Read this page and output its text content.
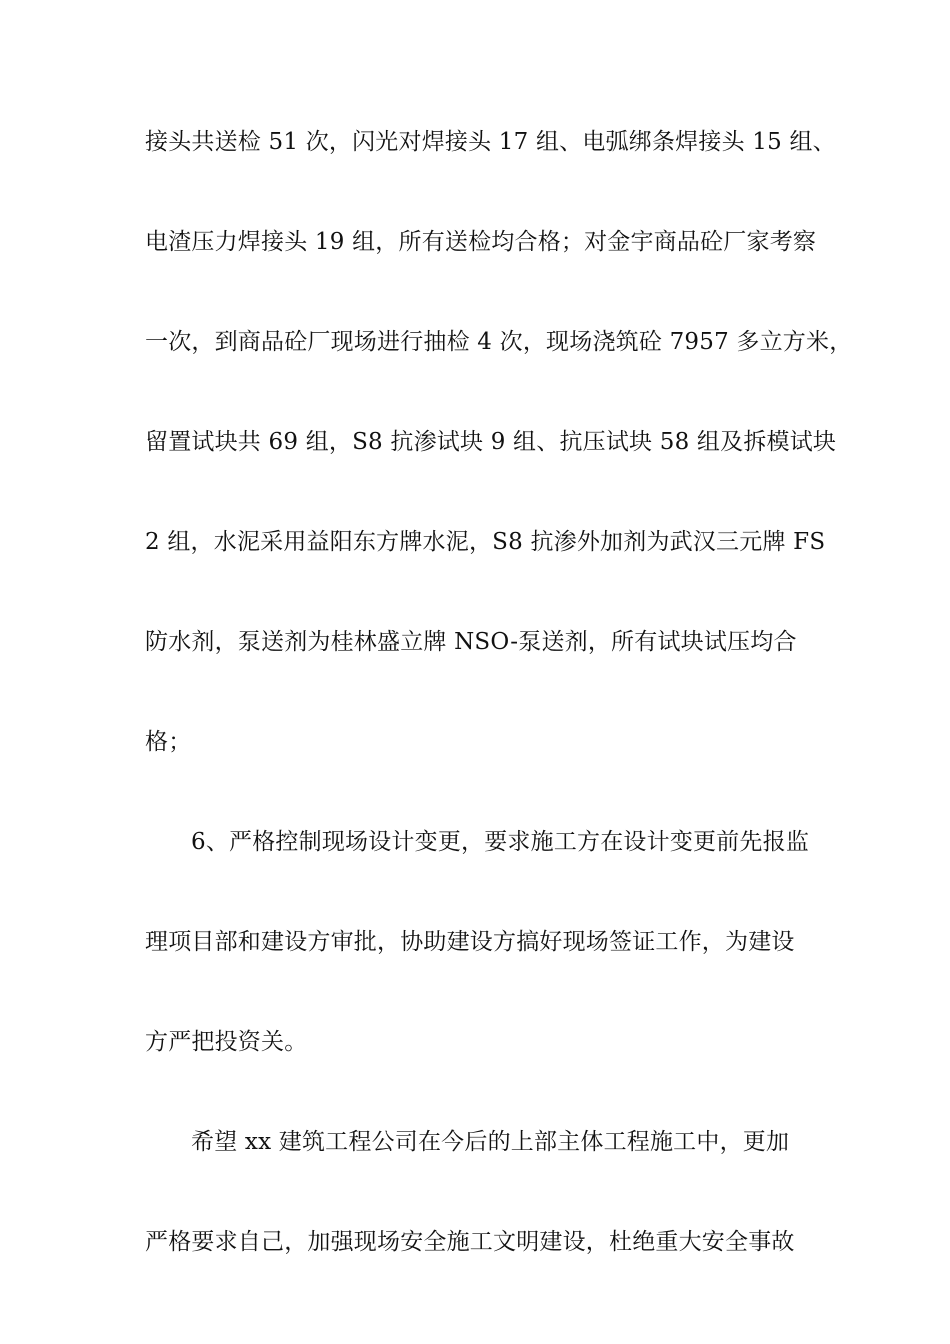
接头共送检 51 次，闪光对焊接头 17 组、电弧绑条焊接头 15 组、
电渣压力焊接头 19 组，所有送检均合格；对金宇商品砼厂家考察
一次，到商品砼厂现场进行抽检 4 次，现场浇筑砼 7957 多立方米，
留置试块共 69 组，S8 抗渗试块 9 组、抗压试块 58 组及拆模试块
2 组，水泥采用益阳东方牌水泥，S8 抗渗外加剂为武汉三元牌 FS
防水剂，泵送剂为桂林盛立牌 NSO-泵送剂，所有试块试压均合
格；
6、严格控制现场设计变更，要求施工方在设计变更前先报监
理项目部和建设方审批，协助建设方搞好现场签证工作，为建设
方严把投资关。
希望 xx 建筑工程公司在今后的上部主体工程施工中，更加
严格要求自己，加强现场安全施工文明建设，杜绝重大安全事故
